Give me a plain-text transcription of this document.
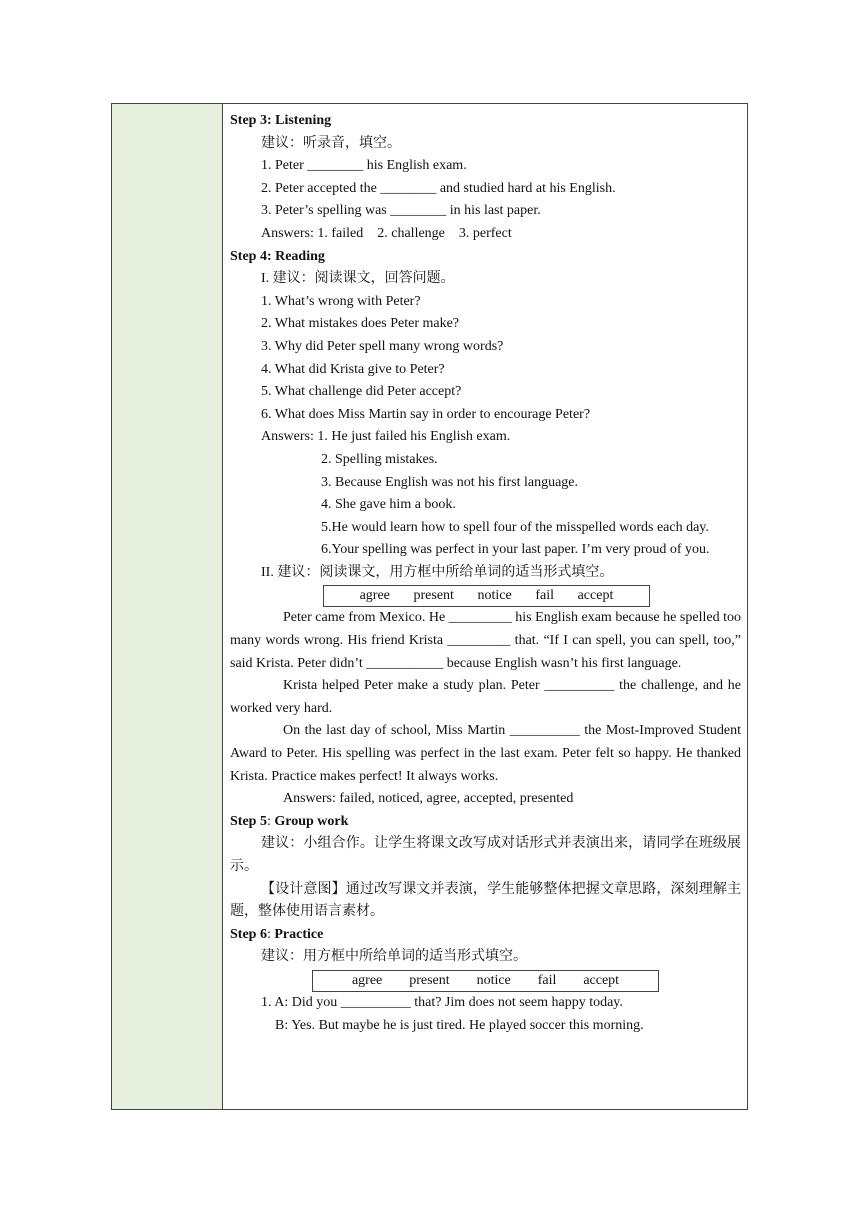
Step 3: Listening
建议：听录音，填空。
1. Peter ________ his English exam.
2. Peter accepted the ________ and studied hard at his English.
3. Peter’s spelling was ________ in his last paper.
Answers: 1. failed    2. challenge    3. perfect
Step 4: Reading
I. 建议：阅读课文，回答问题。
1. What’s wrong with Peter?
2. What mistakes does Peter make?
3. Why did Peter spell many wrong words?
4. What did Krista give to Peter?
5. What challenge did Peter accept?
6. What does Miss Martin say in order to encourage Peter?
Answers: 1. He just failed his English exam.
2. Spelling mistakes.
3. Because English was not his first language.
4. She gave him a book.
5. He would learn how to spell four of the misspelled words each day.
6. Your spelling was perfect in your last paper. I’m very proud of you.
II. 建议：阅读课文，用方框中所给单词的适当形式填空。
agree present notice fail accept
Peter came from Mexico. He _________ his English exam because he spelled too many words wrong. His friend Krista _________ that. “If I can spell, you can spell, too,” said Krista. Peter didn’t ___________ because English wasn’t his first language.
Krista helped Peter make a study plan. Peter __________ the challenge, and he worked very hard.
On the last day of school, Miss Martin __________ the Most-Improved Student Award to Peter. His spelling was perfect in the last exam. Peter felt so happy. He thanked Krista. Practice makes perfect! It always works.
Answers: failed, noticed, agree, accepted, presented
Step 5: Group work
建议：小组合作。让学生将课文改写成对话形式并表演出来，请同学在班级展示。
【设计意图】通过改写课文并表演，学生能够整体把握文章思路，深刻理解主题，整体使用语言素材。
Step 6: Practice
建议：用方框中所给单词的适当形式填空。
agree present notice fail accept
1. A: Did you __________ that? Jim does not seem happy today.
B: Yes. But maybe he is just tired. He played soccer this morning.
